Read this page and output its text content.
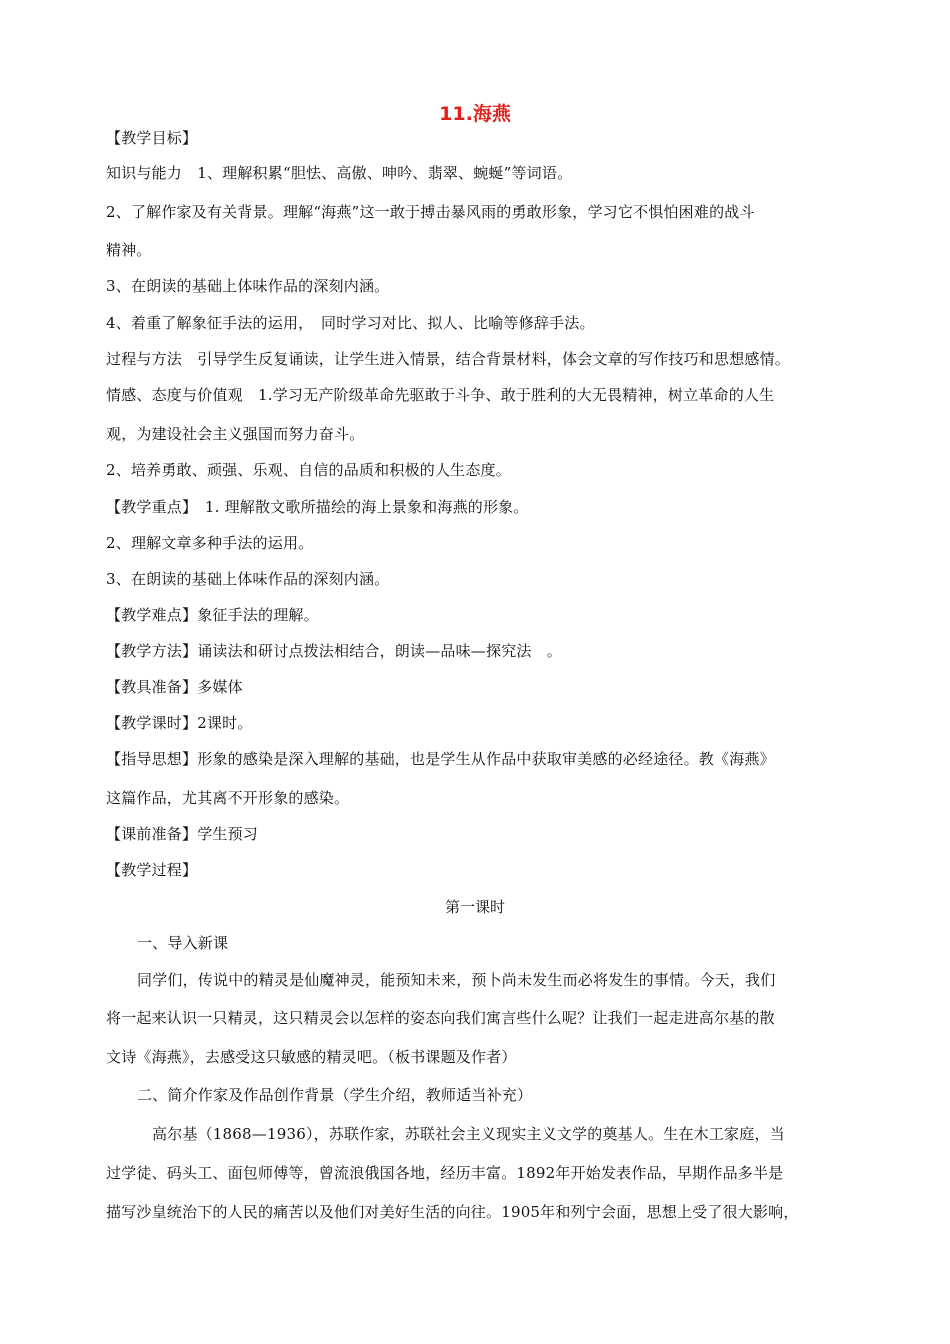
11.海燕
【教学目标】
知识与能力　1、理解积累“胆怯、高傲、呻吟、翡翠、蜿蜒”等词语。
2、了解作家及有关背景。理解“海燕”这一敢于搏击暴风雨的勇敢形象，学习它不惧怕困难的战斗
精神。
3、在朗读的基础上体味作品的深刻内涵。
4、着重了解象征手法的运用，　同时学习对比、拟人、比喻等修辞手法。
过程与方法　引导学生反复诵读，让学生进入情景，结合背景材料，体会文章的写作技巧和思想感情。
情感、态度与价值观　1.学习无产阶级革命先驱敢于斗争、敢于胜利的大无畏精神，树立革命的人生
观，为建设社会主义强国而努力奋斗。
2、培养勇敢、顽强、乐观、自信的品质和积极的人生态度。
【教学重点】　1. 理解散文歌所描绘的海上景象和海燕的形象。
2、理解文章多种手法的运用。
3、在朗读的基础上体味作品的深刻内涵。
【教学难点】象征手法的理解。
【教学方法】诵读法和研讨点拨法相结合，朗读—品味—探究法　。
【教具准备】多媒体
【教学课时】2课时。
【指导思想】形象的感染是深入理解的基础，也是学生从作品中获取审美感的必经途径。教《海燕》
这篇作品，尤其离不开形象的感染。
【课前准备】学生预习
【教学过程】
第一课时
一、导入新课
同学们，传说中的精灵是仙魔神灵，能预知未来，预卜尚未发生而必将发生的事情。今天，我们
将一起来认识一只精灵，这只精灵会以怎样的姿态向我们寓言些什么呢？让我们一起走进高尔基的散
文诗《海燕》，去感受这只敏感的精灵吧。（板书课题及作者）
二、简介作家及作品创作背景（学生介绍，教师适当补充）
高尔基（1868—1936），苏联作家，苏联社会主义现实主义文学的奠基人。生在木工家庭，当
过学徒、码头工、面包师傅等，曾流浪俄国各地，经历丰富。1892年开始发表作品，早期作品多半是
描写沙皇统治下的人民的痛苦以及他们对美好生活的向往。1905年和列宁会面，思想上受了很大影响，
